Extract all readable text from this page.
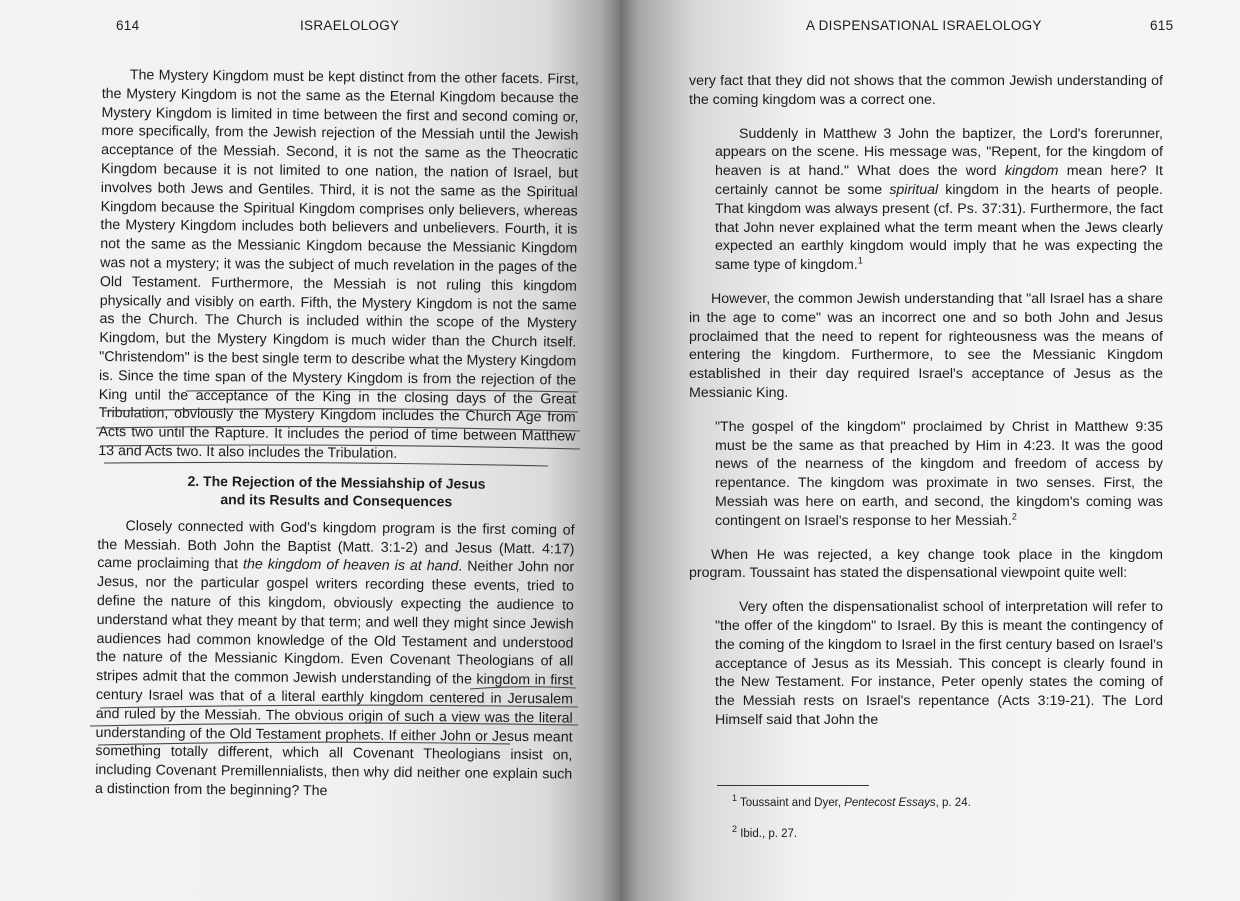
614	ISRAELOLOGY

The Mystery Kingdom must be kept distinct from the other facets. First, the Mystery Kingdom is not the same as the Eternal Kingdom because the Mystery Kingdom is limited in time between the first and second coming or, more specifically, from the Jewish rejection of the Messiah until the Jewish acceptance of the Messiah. Second, it is not the same as the Theocratic Kingdom because it is not limited to one nation, the nation of Israel, but involves both Jews and Gentiles. Third, it is not the same as the Spiritual Kingdom because the Spiritual Kingdom comprises only believers, whereas the Mystery Kingdom includes both believers and unbelievers. Fourth, it is not the same as the Messianic Kingdom because the Messianic Kingdom was not a mystery; it was the subject of much revelation in the pages of the Old Testament. Furthermore, the Messiah is not ruling this kingdom physically and visibly on earth. Fifth, the Mystery Kingdom is not the same as the Church. The Church is included within the scope of the Mystery Kingdom, but the Mystery Kingdom is much wider than the Church itself. "Christendom" is the best single term to describe what the Mystery Kingdom is. Since the time span of the Mystery Kingdom is from the rejection of the King until the acceptance of the King in the closing days of the Great Tribulation, obviously the Mystery Kingdom includes the Church Age from Acts two until the Rapture. It includes the period of time between Matthew 13 and Acts two. It also includes the Tribulation.

2. The Rejection of the Messiahship of Jesus
and its Results and Consequences

Closely connected with God's kingdom program is the first coming of the Messiah. Both John the Baptist (Matt. 3:1-2) and Jesus (Matt. 4:17) came proclaiming that the kingdom of heaven is at hand. Neither John nor Jesus, nor the particular gospel writers recording these events, tried to define the nature of this kingdom, obviously expecting the audience to understand what they meant by that term; and well they might since Jewish audiences had common knowledge of the Old Testament and understood the nature of the Messianic Kingdom. Even Covenant Theologians of all stripes admit that the common Jewish understanding of the kingdom in first century Israel was that of a literal earthly kingdom centered in Jerusalem and ruled by the Messiah. The obvious origin of such a view was the literal understanding of the Old Testament prophets. If either John or Jesus meant something totally different, which all Covenant Theologians insist on, including Covenant Premillennialists, then why did neither one explain such a distinction from the beginning? The

A DISPENSATIONAL ISRAELOLOGY	615

very fact that they did not shows that the common Jewish understanding of the coming kingdom was a correct one.

Suddenly in Matthew 3 John the baptizer, the Lord's forerunner, appears on the scene. His message was, "Repent, for the kingdom of heaven is at hand." What does the word kingdom mean here? It certainly cannot be some spiritual kingdom in the hearts of people. That kingdom was always present (cf. Ps. 37:31). Furthermore, the fact that John never explained what the term meant when the Jews clearly expected an earthly kingdom would imply that he was expecting the same type of kingdom.$^1$

However, the common Jewish understanding that "all Israel has a share in the age to come" was an incorrect one and so both John and Jesus proclaimed that the need to repent for righteousness was the means of entering the kingdom. Furthermore, to see the Messianic Kingdom established in their day required Israel's acceptance of Jesus as the Messianic King.

"The gospel of the kingdom" proclaimed by Christ in Matthew 9:35 must be the same as that preached by Him in 4:23. It was the good news of the nearness of the kingdom and freedom of access by repentance. The kingdom was proximate in two senses. First, the Messiah was here on earth, and second, the kingdom's coming was contingent on Israel's response to her Messiah.$^2$

When He was rejected, a key change took place in the kingdom program. Toussaint has stated the dispensational viewpoint quite well:

Very often the dispensationalist school of interpretation will refer to "the offer of the kingdom" to Israel. By this is meant the contingency of the coming of the kingdom to Israel in the first century based on Israel's acceptance of Jesus as its Messiah. This concept is clearly found in the New Testament. For instance, Peter openly states the coming of the Messiah rests on Israel's repentance (Acts 3:19-21). The Lord Himself said that John the

$^1$ Toussaint and Dyer, Pentecost Essays, p. 24.
$^2$ Ibid., p. 27.
